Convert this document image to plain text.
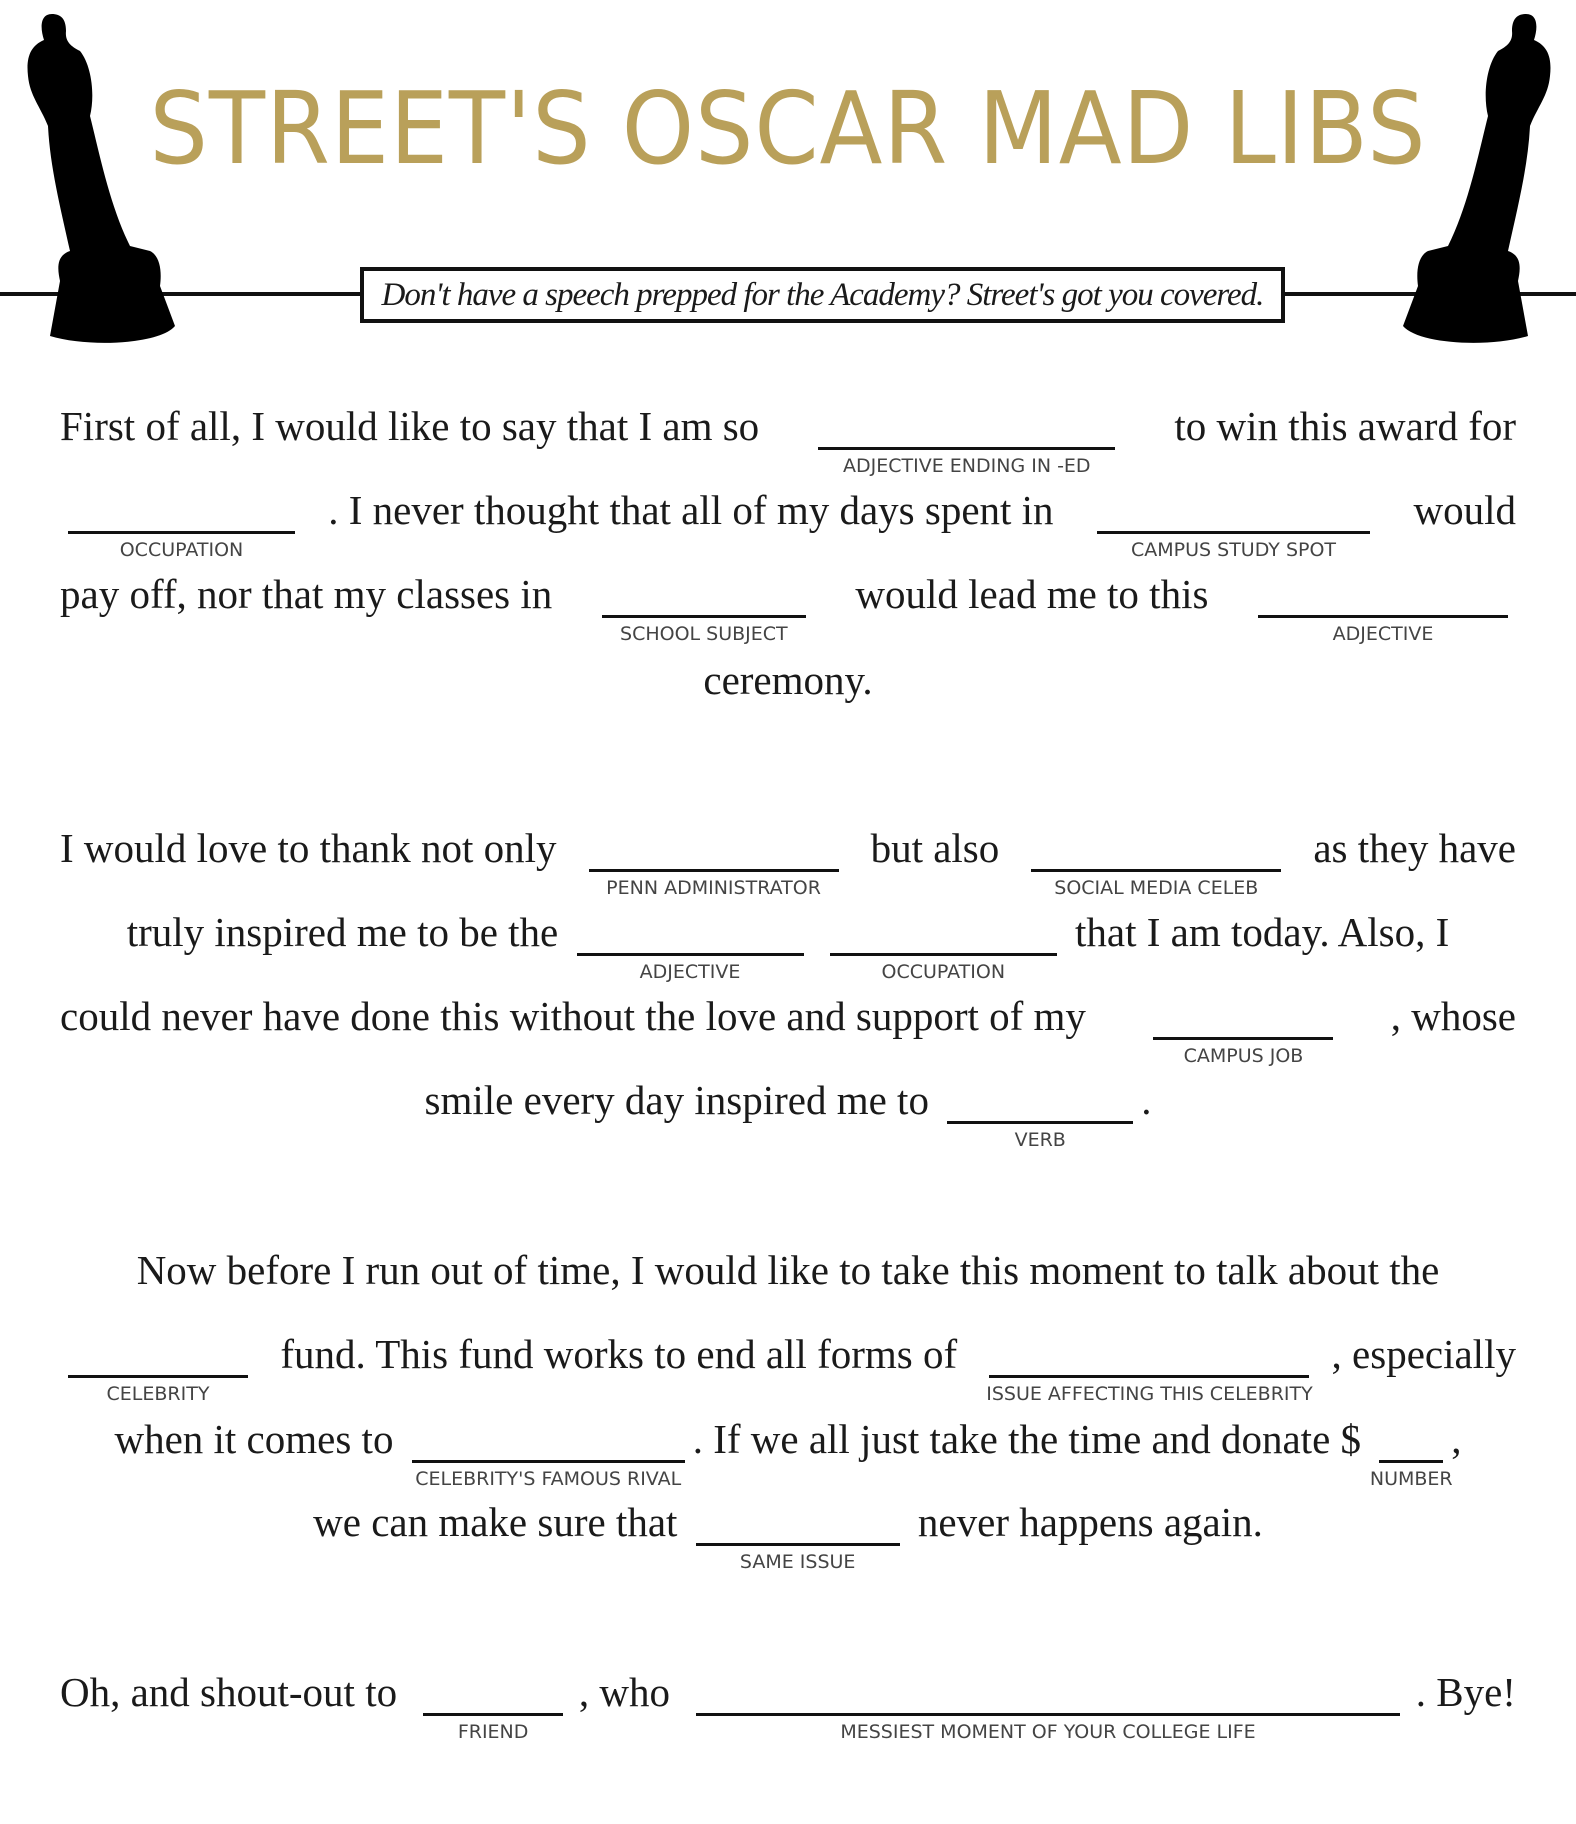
STREET'S OSCAR MAD LIBS
Don't have a speech prepped for the Academy? Street's got you covered.
First of all, I would like to say that I am so
ADJECTIVE ENDING IN -ED
to win this award for
OCCUPATION
. I never thought that all of my days spent in
CAMPUS STUDY SPOT
would
pay off, nor that my classes in
SCHOOL SUBJECT
would lead me to this
ADJECTIVE
ceremony.
I would love to thank not only
PENN ADMINISTRATOR
but also
SOCIAL MEDIA CELEB
as they have
truly inspired me to be the
ADJECTIVE
	OCCUPATION
that I am today. Also, I
could never have done this without the love and support of my
CAMPUS JOB
, whose
smile every day inspired me to
VERB
.
Now before I run out of time, I would like to take this moment to talk about the
CELEBRITY
fund. This fund works to end all forms of
ISSUE AFFECTING THIS CELEBRITY
, especially
when it comes to
CELEBRITY'S FAMOUS RIVAL
. If we all just take the time and donate $
NUMBER
,
we can make sure that
SAME ISSUE
never happens again.
Oh, and shout-out to
FRIEND
, who
MESSIEST MOMENT OF YOUR COLLEGE LIFE
. Bye!
